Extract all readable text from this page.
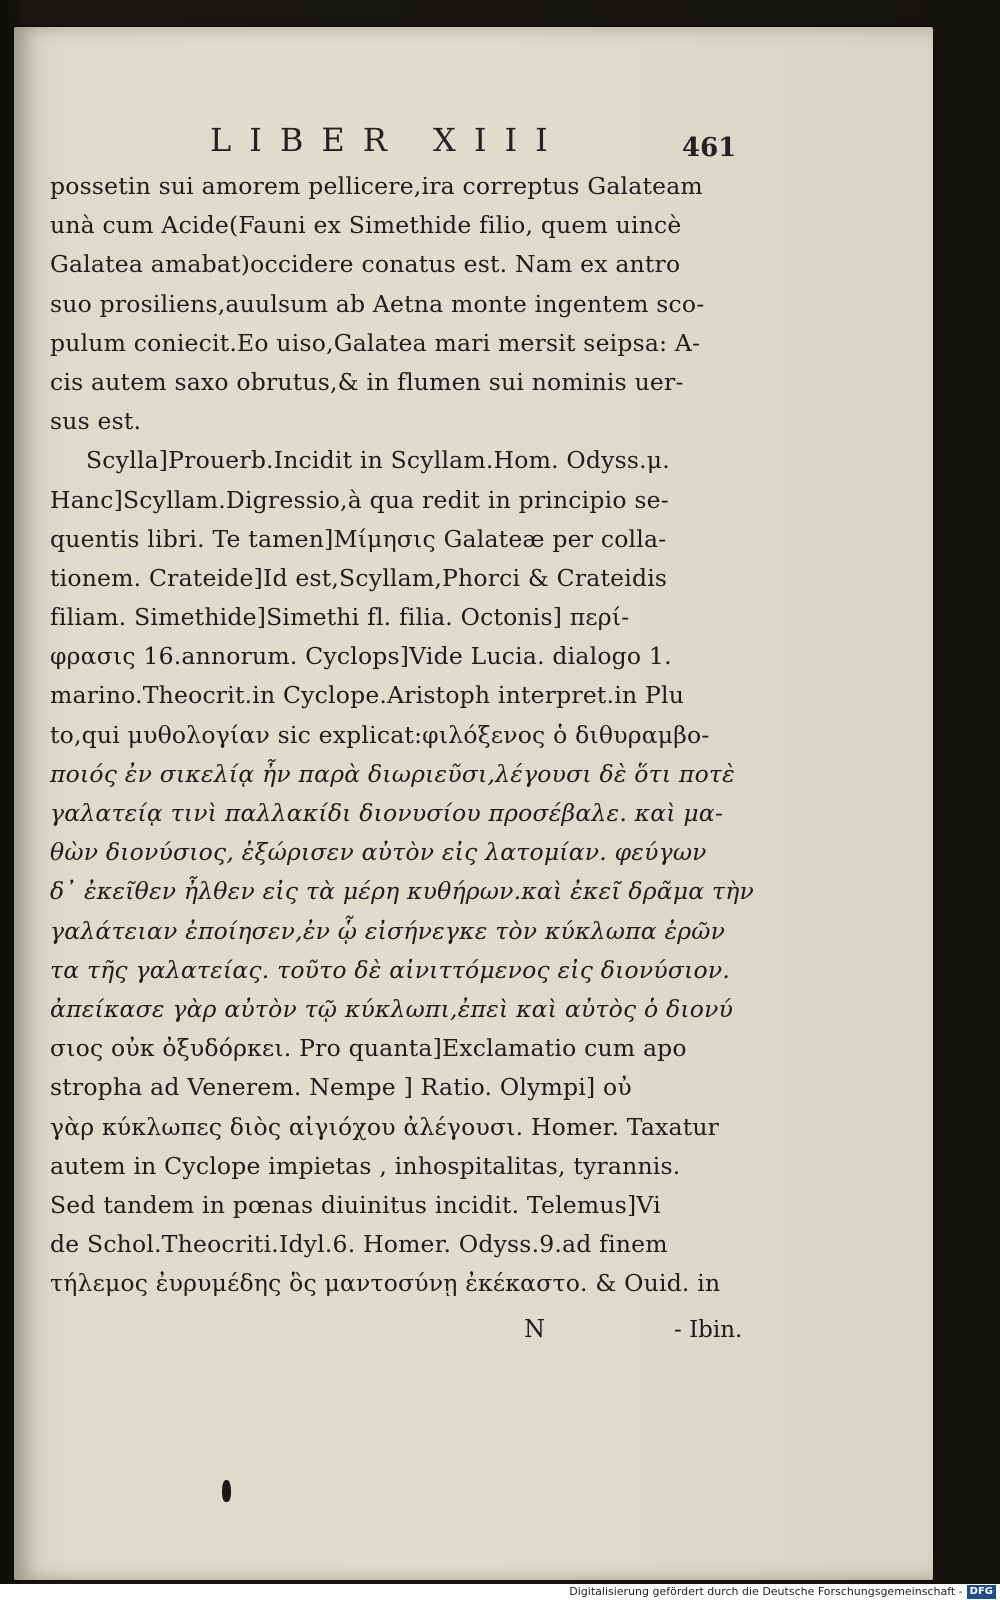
LIBER XIII	461
possetin sui amorem pellicere,ira correptus Galateam
unà cum Acide(Fauni ex Simethide filio, quem uincè
Galatea amabat)occidere conatus est. Nam ex antro
suo prosiliens,auulsum ab Aetna monte ingentem sco-
pulum coniecit.Eo uiso,Galatea mari mersit seipsa: A-
cis autem saxo obrutus,& in flumen sui nominis uer-
sus est.
Scylla]Prouerb.Incidit in Scyllam.Hom. Odyss.μ.
Hanc]Scyllam.Digressio,à qua redit in principio se-
quentis libri. Te tamen]Μίμησις Galateæ per colla-
tionem. Crateide]Id est,Scyllam,Phorci & Crateidis
filiam. Simethide]Simethi fl. filia. Octonis] περί-
φρασις 16.annorum. Cyclops]Vide Lucia. dialogo 1.
marino.Theocrit.in Cyclope.Aristoph interpret.in Plu
to,qui μυθολογίαν sic explicat:φιλόξενος ὁ διθυραμβο-
ποιός ἐν σικελίᾳ ἦν παρὰ διωριεῦσι,λέγουσι δὲ ὅτι ποτὲ
γαλατείᾳ τινὶ παλλακίδι διονυσίου προσέβαλε. καὶ μα-
θὼν διονύσιος, ἐξώρισεν αὐτὸν εἰς λατομίαν. φεύγων
δ᾽ ἐκεῖθεν ἦλθεν εἰς τὰ μέρη κυθήρων.καὶ ἐκεῖ δρᾶμα τὴν
γαλάτειαν ἐποίησεν,ἐν ᾧ εἰσήνεγκε τὸν κύκλωπα ἐρῶν
τα τῆς γαλατείας. τοῦτο δὲ αἰνιττόμενος εἰς διονύσιον.
ἀπείκασε γὰρ αὐτὸν τῷ κύκλωπι,ἐπεὶ καὶ αὐτὸς ὁ διονύ
σιος οὐκ ὀξυδόρκει. Pro quanta]Exclamatio cum apo
stropha ad Venerem. Nempe ] Ratio. Olympi] οὐ
γὰρ κύκλωπες διὸς αἰγιόχου ἀλέγουσι. Homer. Taxatur
autem in Cyclope impietas , inhospitalitas, tyrannis.
Sed tandem in pœnas diuinitus incidit. Telemus]Vi
de Schol.Theocriti.Idyl.6. Homer. Odyss.9.ad finem
τήλεμος ἐυρυμέδης ὃς μαντοσύνῃ ἐκέκαστο. & Ouid. in
N	- Ibin.
Digitalisierung gefördert durch die Deutsche Forschungsgemeinschaft - DFG
